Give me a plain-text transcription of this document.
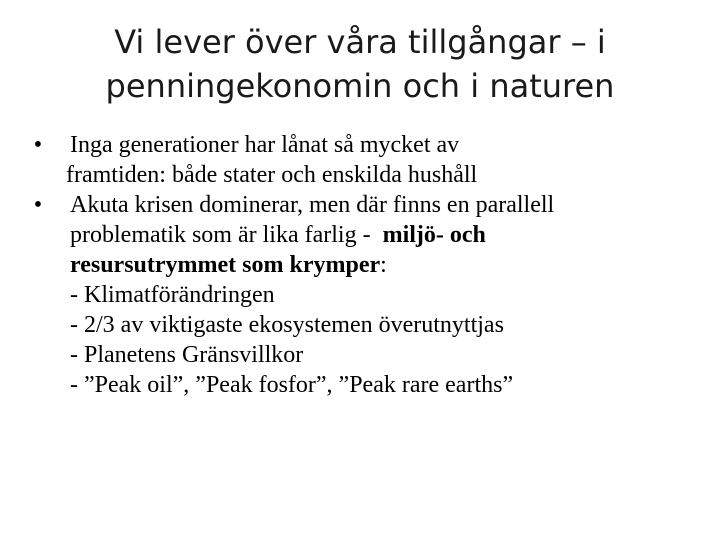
Vi lever över våra tillgångar – i
penningekonomin och i naturen
• Inga generationer har lånat så mycket av
framtiden: både stater och enskilda hushåll
• Akuta krisen dominerar, men där finns en parallell
problematik som är lika farlig -  miljö- och
resursutrymmet som krymper:
- Klimatförändringen
- 2/3 av viktigaste ekosystemen överutnyttjas
- Planetens Gränsvillkor
- ”Peak oil”, ”Peak fosfor”, ”Peak rare earths”
